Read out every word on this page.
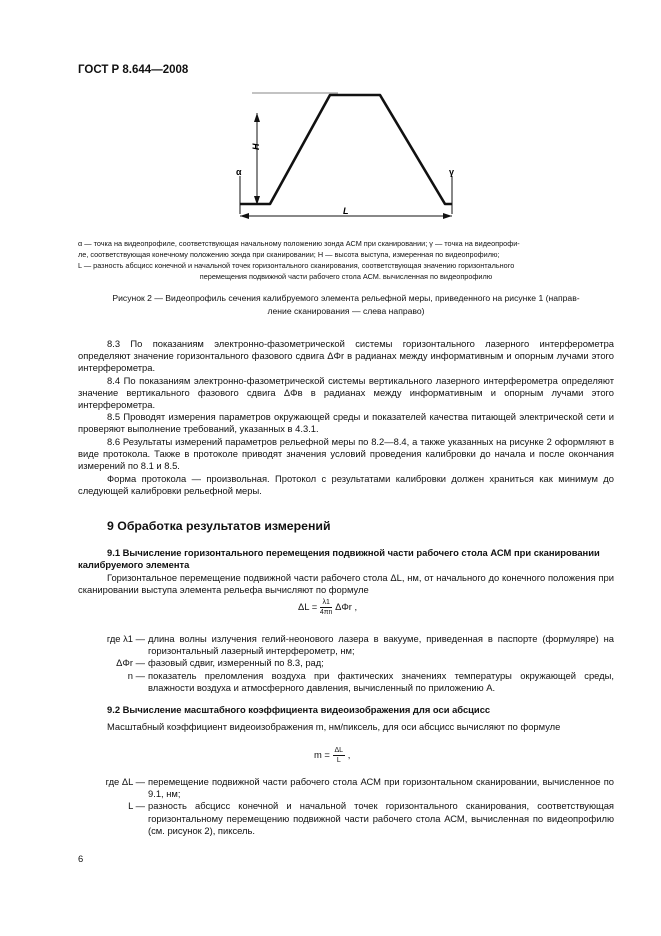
ГОСТ Р 8.644—2008
H
α	γ
L

α — точка на видеопрофиле, соответствующая начальному положению зонда АСМ при сканировании; γ — точка на видеопрофи-

ле, соответствующая конечному положению зонда при сканировании; H — высота выступа, измеренная по видеопрофилю;

L — разность абсцисс конечной и начальной точек горизонтального сканирования, соответствующая значению горизонтального

перемещения подвижной части рабочего стола АСМ. вычисленная по видеопрофилю

Рисунок 2 — Видеопрофиль сечения калибруемого элемента рельефной меры, приведенного на рисунке 1 (направ-
ление сканирования — слева направо)

8.3 По показаниям электронно-фазометрической системы горизонтального лазерного интерферометра определяют значение горизонтального фазового сдвига ΔΦr в радианах между информативным и опорным лучами этого интерферометра.

8.4 По показаниям электронно-фазометрической системы вертикального лазерного интерферометра определяют значение вертикального фазового сдвига ΔΦв в радианах между информативным и опорным лучами этого интерферометра.

8.5 Проводят измерения параметров окружающей среды и показателей качества питающей электрической сети и проверяют выполнение требований, указанных в 4.3.1.

8.6 Результаты измерений параметров рельефной меры по 8.2—8.4, а также указанных на рисунке 2 оформляют в виде протокола. Также в протоколе приводят значения условий проведения калибровки до начала и после окончания измерений по 8.1 и 8.5.

Форма протокола — произвольная. Протокол с результатами калибровки должен храниться как минимум до следующей калибровки рельефной меры.

9 Обработка результатов измерений

9.1 Вычисление горизонтального перемещения подвижной части рабочего стола АСМ при сканировании калибруемого элемента

Горизонтальное перемещение подвижной части рабочего стола ΔL, нм, от начального до конечного положения при сканировании выступа элемента рельефа вычисляют по формуле

$\Delta L = \frac{\lambda 1}{4\pi n}$ ΔΦr ,
где λ1 — длина волны излучения гелий-неонового лазера в вакууме, приведенная в паспорте (формуляре) на горизонтальный лазерный интерферометр, нм;
ΔΦr — фазовый сдвиг, измеренный по 8.3, рад;
n — показатель преломления воздуха при фактических значениях температуры окружающей среды, влажности воздуха и атмосферного давления, вычисленный по приложению А.

9.2 Вычисление масштабного коэффициента видеоизображения для оси абсцисс

Масштабный коэффициент видеоизображения m, нм/пиксель, для оси абсцисс вычисляют по формуле

$m = \frac{\Delta L}{L}$ ,
где ΔL — перемещение подвижной части рабочего стола АСМ при горизонтальном сканировании, вычисленное по 9.1, нм;
L — разность абсцисс конечной и начальной точек горизонтального сканирования, соответствующая горизонтальному перемещению подвижной части рабочего стола АСМ, вычисленная по видеопрофилю (см. рисунок 2), пиксель.
6
